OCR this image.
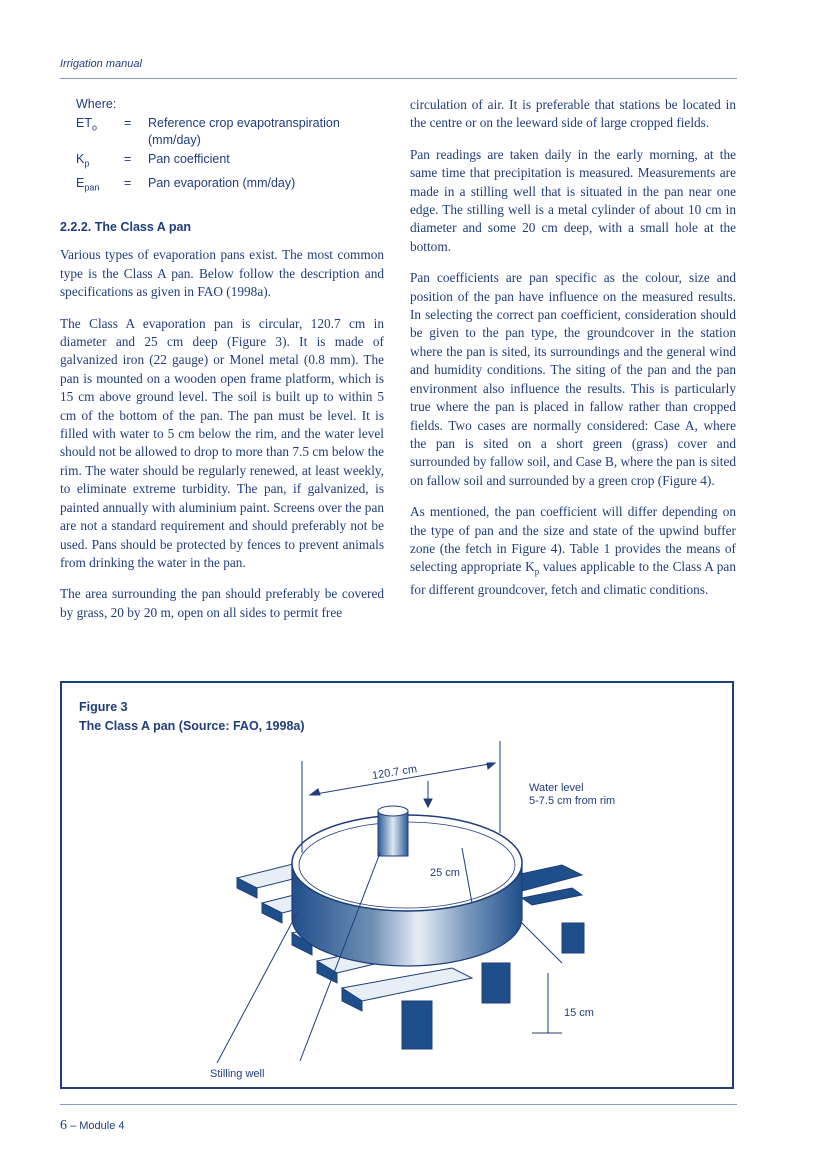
Irrigation manual
Where:
$ET_o$	=	Reference crop evapotranspiration (mm/day)
$K_p$	=	Pan coefficient
$E_{pan}$	=	Pan evaporation (mm/day)
2.2.2. The Class A pan

Various types of evaporation pans exist. The most common type is the Class A pan. Below follow the description and specifications as given in FAO (1998a).

The Class A evaporation pan is circular, 120.7 cm in diameter and 25 cm deep (Figure 3). It is made of galvanized iron (22 gauge) or Monel metal (0.8 mm). The pan is mounted on a wooden open frame platform, which is 15 cm above ground level. The soil is built up to within 5 cm of the bottom of the pan. The pan must be level. It is filled with water to 5 cm below the rim, and the water level should not be allowed to drop to more than 7.5 cm below the rim. The water should be regularly renewed, at least weekly, to eliminate extreme turbidity. The pan, if galvanized, is painted annually with aluminium paint. Screens over the pan are not a standard requirement and should preferably not be used. Pans should be protected by fences to prevent animals from drinking the water in the pan.

The area surrounding the pan should preferably be covered by grass, 20 by 20 m, open on all sides to permit free

circulation of air. It is preferable that stations be located in the centre or on the leeward side of large cropped fields.

Pan readings are taken daily in the early morning, at the same time that precipitation is measured. Measurements are made in a stilling well that is situated in the pan near one edge. The stilling well is a metal cylinder of about 10 cm in diameter and some 20 cm deep, with a small hole at the bottom.

Pan coefficients are pan specific as the colour, size and position of the pan have influence on the measured results. In selecting the correct pan coefficient, consideration should be given to the pan type, the groundcover in the station where the pan is sited, its surroundings and the general wind and humidity conditions. The siting of the pan and the pan environment also influence the results. This is particularly true where the pan is placed in fallow rather than cropped fields. Two cases are normally considered: Case A, where the pan is sited on a short green (grass) cover and surrounded by fallow soil, and Case B, where the pan is sited on fallow soil and surrounded by a green crop (Figure 4).

As mentioned, the pan coefficient will differ depending on the type of pan and the size and state of the upwind buffer zone (the fetch in Figure 4). Table 1 provides the means of selecting appropriate $K_p$ values applicable to the Class A pan for different groundcover, fetch and climatic conditions.

Figure 3
The Class A pan (Source: FAO, 1998a)
120.7 cm
Water level
5-7.5 cm from rim
25 cm
15 cm
Stilling well
6 – Module 4
